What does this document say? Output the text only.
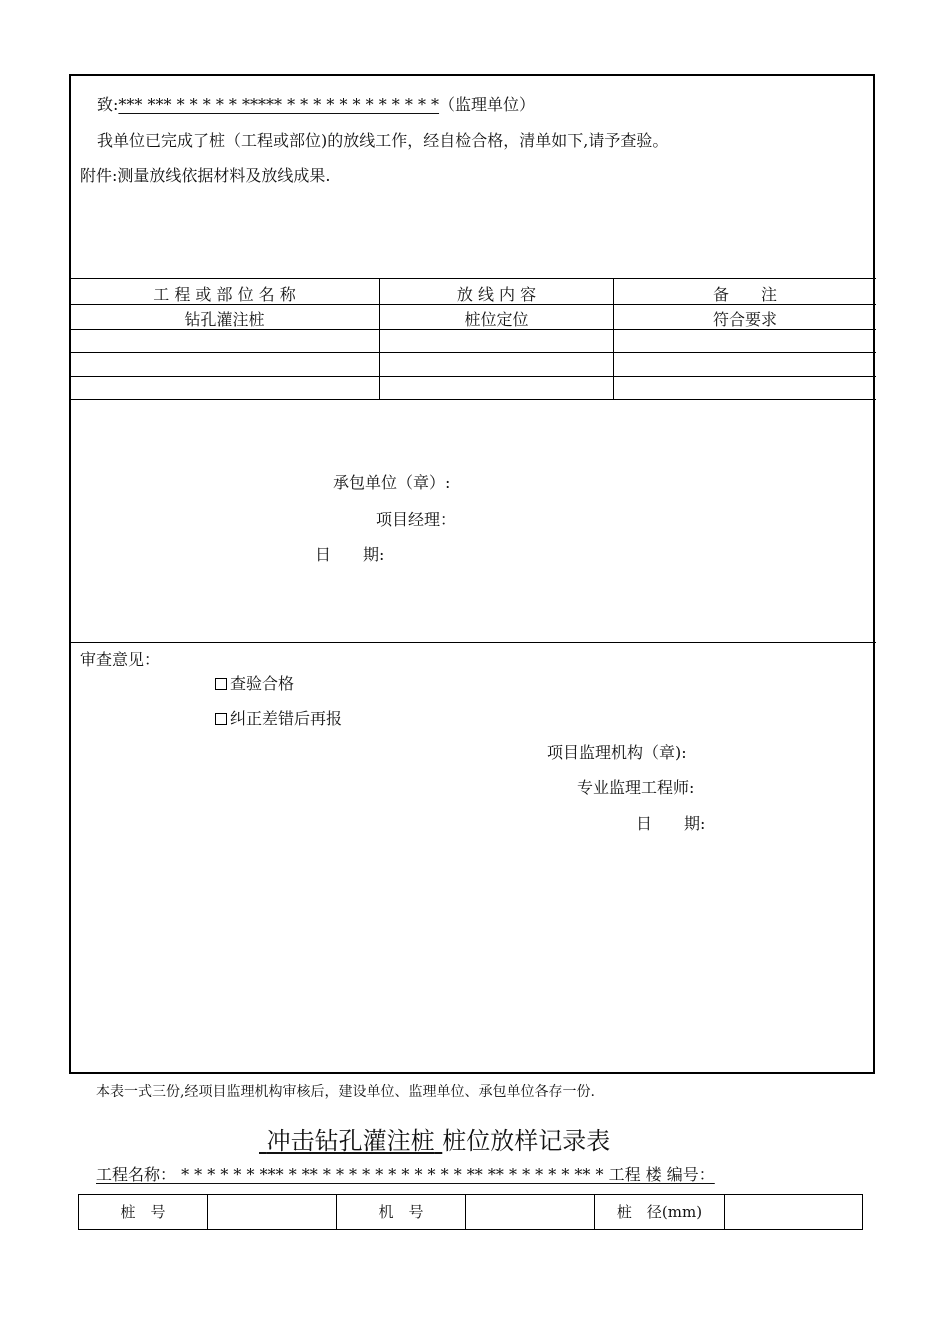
致:*** *** * * * * * ***** * * * * * * * * * * * *（监理单位）
我单位已完成了桩（工程或部位)的放线工作，经自检合格，清单如下,请予查验。
附件:测量放线依据材料及放线成果.
工 程 或 部 位 名 称	放 线 内 容	备　　注
钻孔灌注桩	桩位定位	符合要求
承包单位（章）:
项目经理：
日　　期:
审查意见：
查验合格
纠正差错后再报
项目监理机构（章):
专业监理工程师:
日　　期:
本表一式三份,经项目监理机构审核后，建设单位、监理单位、承包单位各存一份.
冲击钻孔灌注桩 桩位放样记录表
工程名称： * * * * * * *** * ** * * * * * * * * * * * ** ** * * * * * ** * 工程 楼 编号：
桩　号	机　号	桩　径(mm)
